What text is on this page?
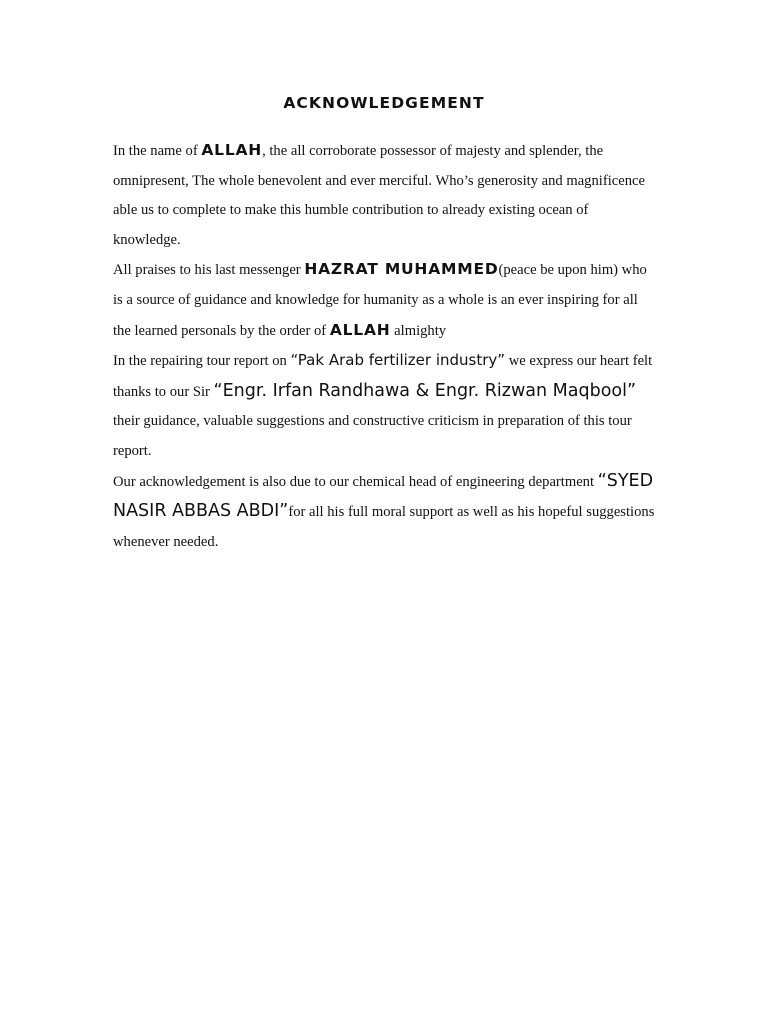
ACKNOWLEDGEMENT

In the name of ALLAH, the all corroborate possessor of majesty and splender, the omnipresent, The whole benevolent and ever merciful. Who’s generosity and magnificence able us to complete to make this humble contribution to already existing ocean of knowledge.

All praises to his last messenger HAZRAT MUHAMMED(peace be upon him) who is a source of guidance and knowledge for humanity as a whole is an ever inspiring for all the learned personals by the order of ALLAH almighty

In the repairing tour report on “Pak Arab fertilizer industry” we express our heart felt thanks to our Sir “Engr. Irfan Randhawa & Engr. Rizwan Maqbool” their guidance, valuable suggestions and constructive criticism in preparation of this tour report.

Our acknowledgement is also due to our chemical head of engineering department “SYED NASIR ABBAS ABDI”for all his full moral support as well as his hopeful suggestions whenever needed.
